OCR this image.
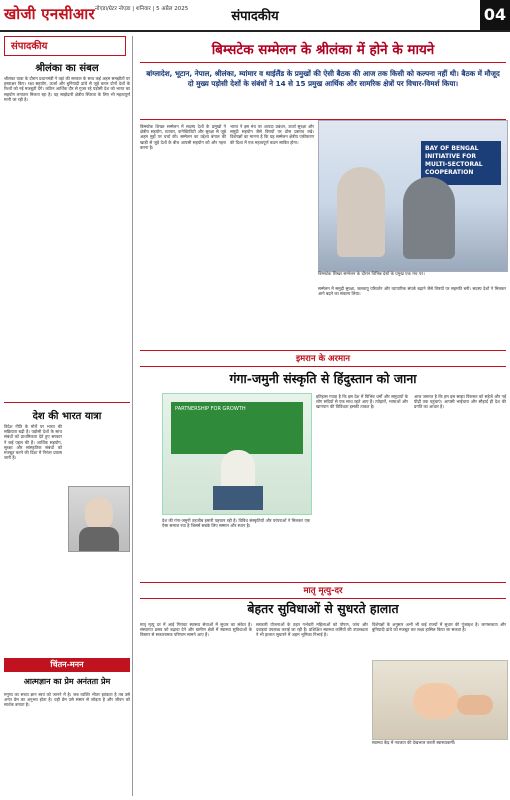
खोजी एनसीआर नोएडा/ग्रेटर नोएडा | शनिवार | 5 अप्रैल 2025	संपादकीय	04
संपादकीय
श्रीलंका का संबल
श्रीलंका यात्रा के दौरान प्रधानमंत्री ने वहां की सरकार के साथ कई अहम समझौतों पर हस्ताक्षर किए। रक्षा सहयोग, ऊर्जा और बुनियादी ढांचे से जुड़े करार दोनों देशों के रिश्तों को नई मजबूती देंगे। कठिन आर्थिक दौर से गुजर रहे पड़ोसी देश को भारत का सहयोग लगातार मिलता रहा है। यह साझेदारी क्षेत्रीय स्थिरता के लिए भी महत्वपूर्ण मानी जा रही है।
देश की भारत यात्रा
विदेश नीति के मोर्चे पर भारत की सक्रियता बढ़ी है। पड़ोसी देशों के साथ संबंधों को प्राथमिकता देते हुए सरकार ने कई पहल की हैं। आर्थिक सहयोग, सुरक्षा और सांस्कृतिक संबंधों को मजबूत करने की दिशा में निरंतर प्रयास जारी हैं।
चिंतन-मनन
आत्मज्ञान का प्रेम अनंतता प्रेम
मनुष्य का सच्चा ज्ञान स्वयं को जानने में है। जब व्यक्ति भीतर झांकता है तब उसे अनंत प्रेम का अनुभव होता है। यही प्रेम उसे संसार से जोड़ता है और जीवन को सार्थक बनाता है।
बिम्सटेक सम्मेलन के श्रीलंका में होने के मायने

बांग्लादेश, भूटान, नेपाल, श्रीलंका, म्यांमार व थाईलैंड के प्रमुखों की ऐसी बैठक की आज तक किसी को कल्पना नहीं थी। बैठक में मौजूद दो मुख्य पड़ोसी देशों के संबंधों ने 14 से 15 प्रमुख आर्थिक और सामरिक क्षेत्रों पर विचार-विमर्श किया।

बिम्सटेक शिखर सम्मेलन में सदस्य देशों के प्रमुखों ने क्षेत्रीय सहयोग, व्यापार, कनेक्टिविटी और सुरक्षा से जुड़े अहम मुद्दों पर चर्चा की। सम्मेलन का उद्देश्य बंगाल की खाड़ी से जुड़े देशों के बीच आपसी सहयोग को और गहरा करना है।
भारत ने इस मंच पर आपदा प्रबंधन, ऊर्जा सुरक्षा और समुद्री सहयोग जैसे विषयों पर ठोस प्रस्ताव रखे। विशेषज्ञों का मानना है कि यह सम्मेलन क्षेत्रीय एकीकरण की दिशा में एक महत्वपूर्ण कदम साबित होगा।
BAY OF BENGAL INITIATIVE FOR MULTI-SECTORAL COOPERATION
बिम्सटेक शिखर सम्मेलन के दौरान विभिन्न देशों के प्रमुख एक मंच पर।
सम्मेलन में समुद्री सुरक्षा, जलवायु परिवर्तन और व्यापारिक संपर्क बढ़ाने जैसे विषयों पर सहमति बनी। सदस्य देशों ने मिलकर आगे बढ़ने का संकल्प लिया।
इमरान के अरमान
गंगा-जमुनी संस्कृति से हिंदुस्तान को जाना
PARTNERSHIP FOR GROWTH
देश की गंगा-जमुनी तहजीब हमारी पहचान रही है। विविध संस्कृतियों और परंपराओं ने मिलकर एक ऐसा समाज रचा है जिसमें सबके लिए सम्मान और स्थान है।
इतिहास गवाह है कि इस देश में विभिन्न धर्मों और समुदायों के लोग सदियों से एक साथ रहते आए हैं। त्योहारों, भाषाओं और खानपान की विविधता इसकी ताकत है।
आज जरूरत है कि हम इस साझा विरासत को सहेजें और नई पीढ़ी तक पहुंचाएं। आपसी भाईचारा और सौहार्द ही देश की प्रगति का आधार है।
मातृ मृत्यु-दर
बेहतर सुविधाओं से सुधरते हालात
मातृ मृत्यु दर में आई गिरावट स्वास्थ्य सेवाओं में सुधार का संकेत है। संस्थागत प्रसव को बढ़ावा देने और ग्रामीण क्षेत्रों में स्वास्थ्य सुविधाओं के विस्तार से सकारात्मक परिणाम सामने आए हैं।
सरकारी योजनाओं के तहत गर्भवती महिलाओं को पोषण, जांच और दवाइयां उपलब्ध कराई जा रही हैं। प्रशिक्षित स्वास्थ्य कर्मियों की उपलब्धता ने भी हालात सुधारने में अहम भूमिका निभाई है।
विशेषज्ञों के अनुसार अभी भी कई राज्यों में सुधार की गुंजाइश है। जागरूकता और बुनियादी ढांचे को मजबूत कर लक्ष्य हासिल किया जा सकता है।
स्वास्थ्य केंद्र में नवजात की देखभाल करती स्वास्थ्यकर्मी।
